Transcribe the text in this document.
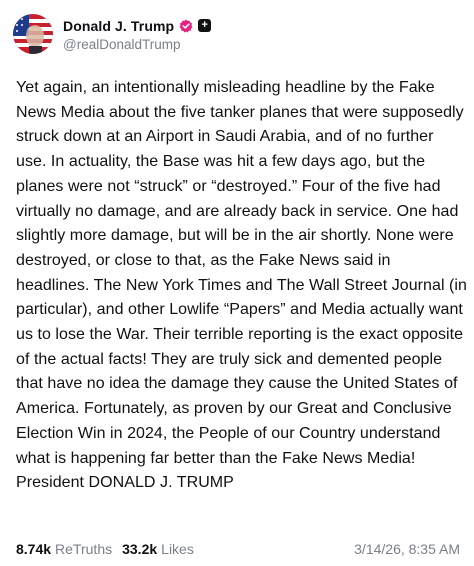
Donald J. Trump +
@realDonaldTrump
Yet again, an intentionally misleading headline by the Fake News Media about the five tanker planes that were supposedly struck down at an Airport in Saudi Arabia, and of no further use. In actuality, the Base was hit a few days ago, but the planes were not “struck” or “destroyed.” Four of the five had virtually no damage, and are already back in service. One had slightly more damage, but will be in the air shortly. None were destroyed, or close to that, as the Fake News said in headlines. The New York Times and The Wall Street Journal (in particular), and other Lowlife “Papers” and Media actually want us to lose the War. Their terrible reporting is the exact opposite of the actual facts! They are truly sick and demented people that have no idea the damage they cause the United States of America. Fortunately, as proven by our Great and Conclusive Election Win in 2024, the People of our Country understand what is happening far better than the Fake News Media! President DONALD J. TRUMP
8.74k ReTruths 33.2k Likes	3/14/26, 8:35 AM
